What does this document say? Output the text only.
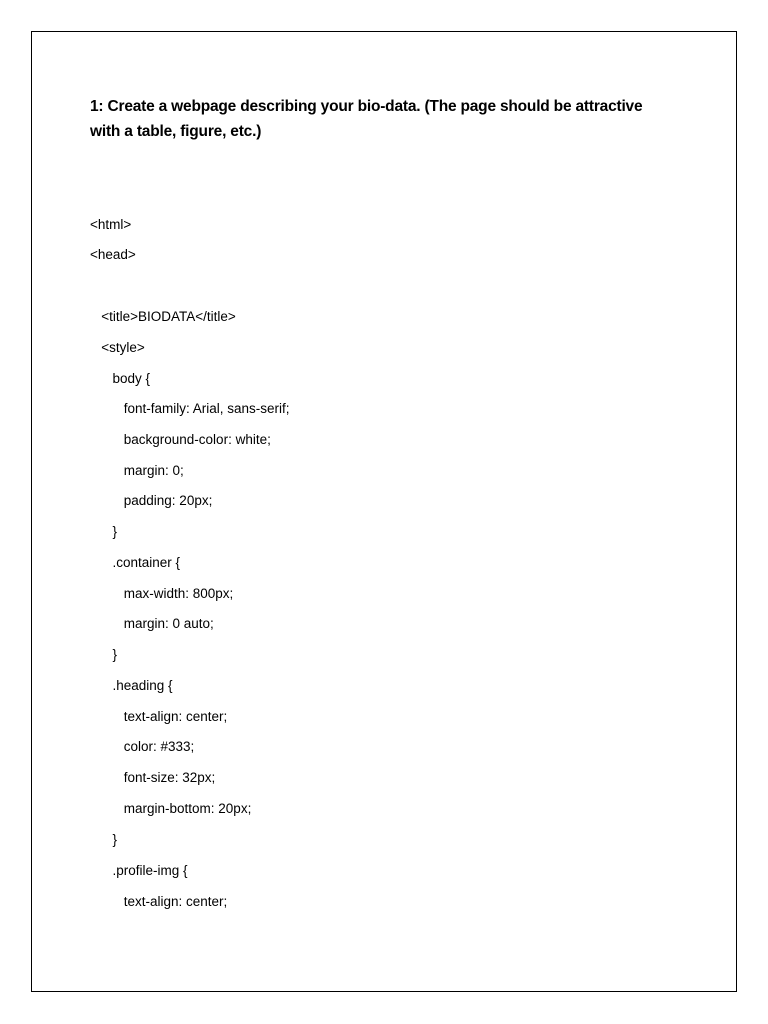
1: Create a webpage describing your bio-data. (The page should be attractive with a table, figure, etc.)

<html>

<head>

<title>BIODATA</title>

<style>

body {

font-family: Arial, sans-serif;

background-color: white;

margin: 0;

padding: 20px;

}

.container {

max-width: 800px;

margin: 0 auto;

}

.heading {

text-align: center;

color: #333;

font-size: 32px;

margin-bottom: 20px;

}

.profile-img {

text-align: center;
